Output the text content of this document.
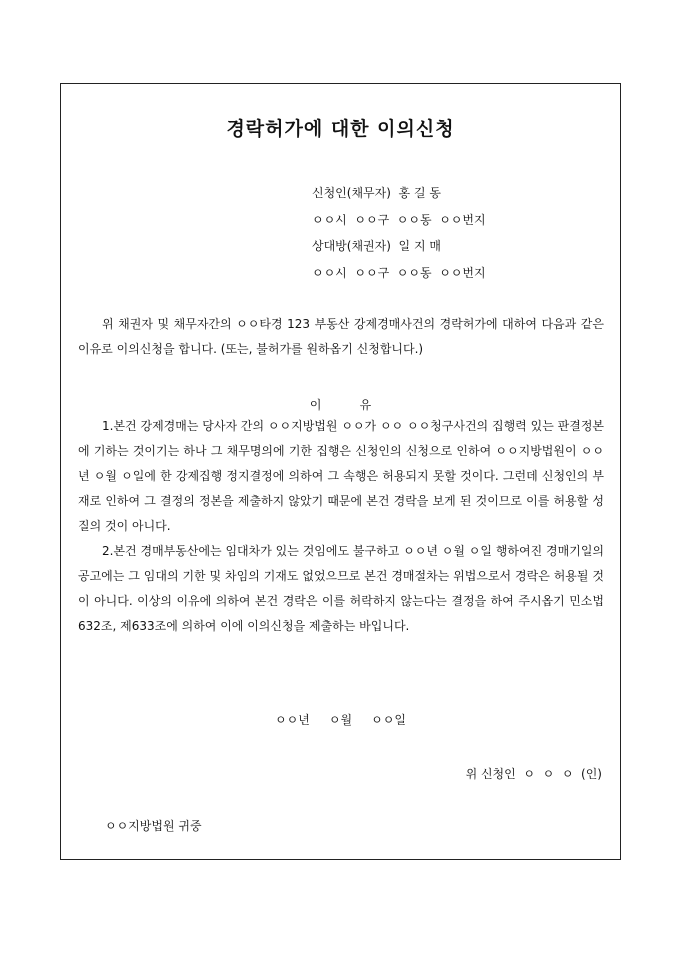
경락허가에 대한 이의신청
신청인(채무자)  홍 길 동
ㅇㅇ시  ㅇㅇ구  ㅇㅇ동  ㅇㅇ번지
상대방(채권자)  일 지 매
ㅇㅇ시  ㅇㅇ구  ㅇㅇ동  ㅇㅇ번지

위 채권자 및 채무자간의 ㅇㅇ타경 123 부동산 강제경매사건의 경락허가에 대하여 다음과 같은 이유로 이의신청을 합니다. (또는, 불허가를 원하옵기 신청합니다.)

이          유

1.본건 강제경매는 당사자 간의 ㅇㅇ지방법원 ㅇㅇ가 ㅇㅇ ㅇㅇ청구사건의 집행력 있는 판결정본에 기하는 것이기는 하나 그 채무명의에 기한 집행은 신청인의 신청으로 인하여 ㅇㅇ지방법원이 ㅇㅇ년 ㅇ월 ㅇ일에 한 강제집행 정지결정에 의하여 그 속행은 허용되지 못할 것이다. 그런데 신청인의 부재로 인하여 그 결정의 정본을 제출하지 않았기 때문에 본건 경락을 보게 된 것이므로 이를 허용할 성질의 것이 아니다.

2.본건 경매부동산에는 임대차가 있는 것임에도 불구하고 ㅇㅇ년 ㅇ월 ㅇ일 행하여진 경매기일의 공고에는 그 임대의 기한 및 차임의 기재도 없었으므로 본건 경매절차는 위법으로서 경락은 허용될 것이 아니다. 이상의 이유에 의하여 본건 경락은 이를 허락하지 않는다는 결정을 하여 주시옵기 민소법 632조, 제633조에 의하여 이에 이의신청을 제출하는 바입니다.

ㅇㅇ년     ㅇ월     ㅇㅇ일
위 신청인  ㅇ  ㅇ  ㅇ  (인)
ㅇㅇ지방법원 귀중
